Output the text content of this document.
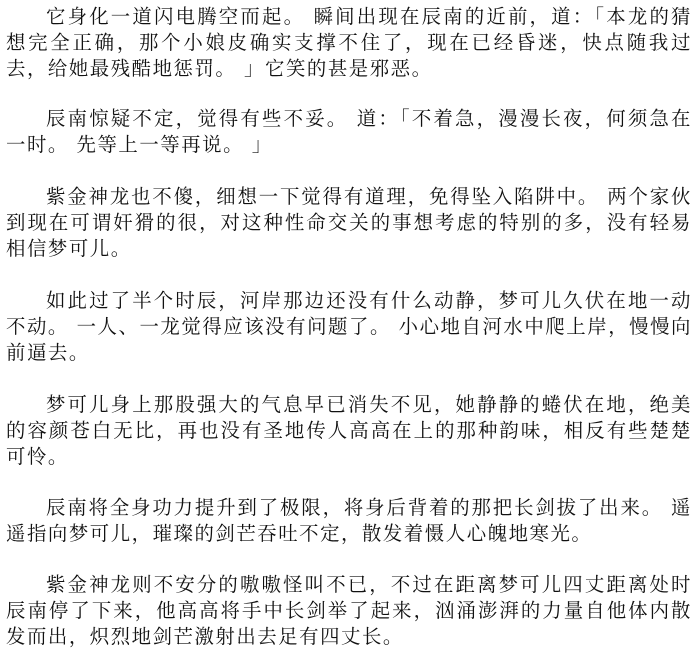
它身化一道闪电腾空而起。 瞬间出现在辰南的近前，道：「本龙的猜想完全正确，那个小娘皮确实支撑不住了，现在已经昏迷，快点随我过去，给她最残酷地惩罚。 」它笑的甚是邪恶。

辰南惊疑不定，觉得有些不妥。 道：「不着急，漫漫长夜，何须急在一时。 先等上一等再说。 」

紫金神龙也不傻，细想一下觉得有道理，免得坠入陷阱中。 两个家伙到现在可谓奸猾的很，对这种性命交关的事想考虑的特别的多，没有轻易相信梦可儿。

如此过了半个时辰，河岸那边还没有什么动静，梦可儿久伏在地一动不动。 一人、一龙觉得应该没有问题了。 小心地自河水中爬上岸，慢慢向前逼去。

梦可儿身上那股强大的气息早已消失不见，她静静的蜷伏在地，绝美的容颜苍白无比，再也没有圣地传人高高在上的那种韵味，相反有些楚楚可怜。

辰南将全身功力提升到了极限，将身后背着的那把长剑拔了出来。 遥遥指向梦可儿，璀璨的剑芒吞吐不定，散发着慑人心魄地寒光。

紫金神龙则不安分的嗷嗷怪叫不已，不过在距离梦可儿四丈距离处时辰南停了下来，他高高将手中长剑举了起来，汹涌澎湃的力量自他体内散发而出，炽烈地剑芒激射出去足有四丈长。
